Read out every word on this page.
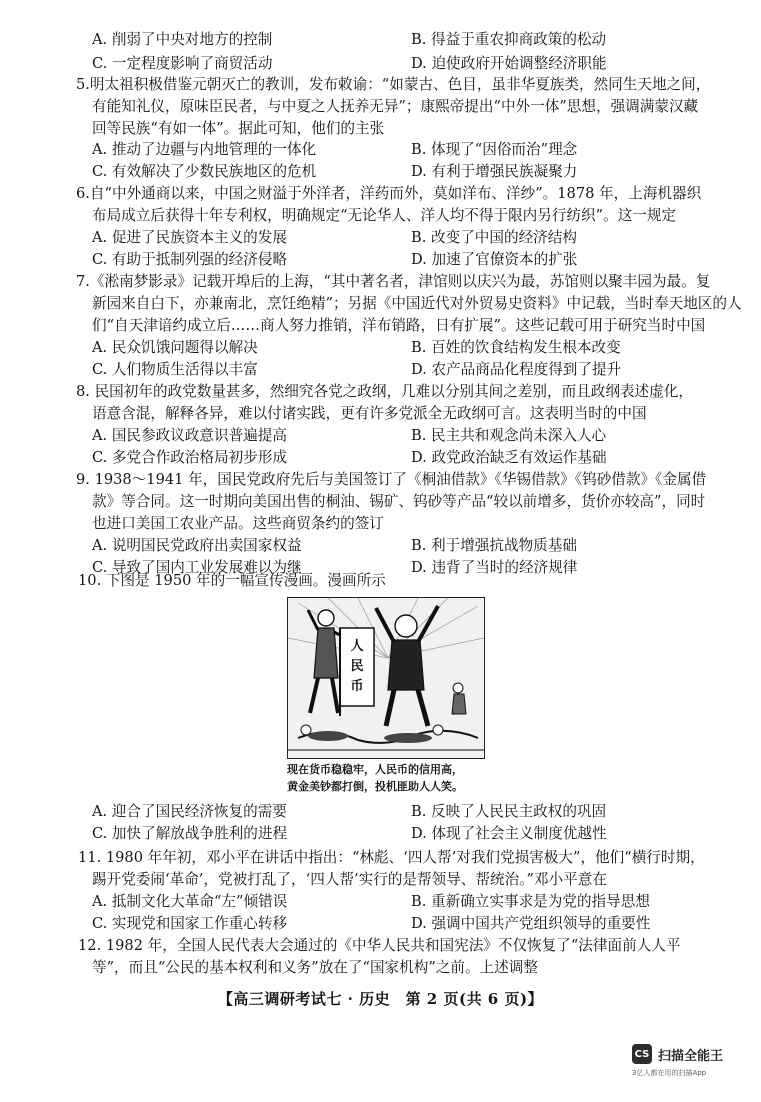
A. 削弱了中央对地方的控制	B. 得益于重农抑商政策的松动
C. 一定程度影响了商贸活动	D. 迫使政府开始调整经济职能
5.明太祖积极借鉴元朝灭亡的教训，发布敕谕：“如蒙古、色目，虽非华夏族类，然同生天地之间，
有能知礼仪，原味臣民者，与中夏之人抚养无异”；康熙帝提出“中外一体”思想，强调满蒙汉藏
回等民族“有如一体”。据此可知，他们的主张
A. 推动了边疆与内地管理的一体化	B. 体现了“因俗而治”理念
C. 有效解决了少数民族地区的危机	D. 有利于增强民族凝聚力
6.自“中外通商以来，中国之财溢于外洋者，洋药而外，莫如洋布、洋纱”。1878 年，上海机器织
布局成立后获得十年专利权，明确规定“无论华人、洋人均不得于限内另行纺织”。这一规定
A. 促进了民族资本主义的发展	B. 改变了中国的经济结构
C. 有助于抵制列强的经济侵略	D. 加速了官僚资本的扩张
7.《淞南梦影录》记载开埠后的上海，“其中著名者，津馆则以庆兴为最，苏馆则以聚丰园为最。复
新园来自白下，亦兼南北，烹饪绝精”；另据《中国近代对外贸易史资料》中记载，当时奉天地区的人
们“自天津谙约成立后……商人努力推销，洋布销路，日有扩展”。这些记载可用于研究当时中国
A. 民众饥饿问题得以解决	B. 百姓的饮食结构发生根本改变
C. 人们物质生活得以丰富	D. 农产品商品化程度得到了提升
8. 民国初年的政党数量甚多，然细究各党之政纲，几难以分别其间之差别，而且政纲表述虚化，
语意含混，解释各异，难以付诸实践，更有许多党派全无政纲可言。这表明当时的中国
A. 国民参政议政意识普遍提高	B. 民主共和观念尚未深入人心
C. 多党合作政治格局初步形成	D. 政党政治缺乏有效运作基础
9. 1938～1941 年，国民党政府先后与美国签订了《桐油借款》《华锡借款》《钨砂借款》《金属借
款》等合同。这一时期向美国出售的桐油、锡矿、钨砂等产品“较以前增多，货价亦较高”，同时
也进口美国工农业产品。这些商贸条约的签订
A. 说明国民党政府出卖国家权益	B. 利于增强抗战物质基础
C. 导致了国内工业发展难以为继	D. 违背了当时的经济规律
10. 下图是 1950 年的一幅宣传漫画。漫画所示
人
民
币
现在货币稳稳牢，人民币的信用高，
黄金美钞都打倒，投机匪助人人笑。
A. 迎合了国民经济恢复的需要	B. 反映了人民民主政权的巩固
C. 加快了解放战争胜利的进程	D. 体现了社会主义制度优越性
11. 1980 年年初，邓小平在讲话中指出：“林彪、‘四人帮’对我们党损害极大”，他们“横行时期，
踢开党委闹‘革命’，党被打乱了，‘四人帮’实行的是帮领导、帮统治。”邓小平意在
A. 抵制文化大革命“左”倾错误	B. 重新确立实事求是为党的指导思想
C. 实现党和国家工作重心转移	D. 强调中国共产党组织领导的重要性
12. 1982 年，全国人民代表大会通过的《中华人民共和国宪法》不仅恢复了“法律面前人人平
等”，而且“公民的基本权利和义务”放在了“国家机构”之前。上述调整
【高三调研考试七 · 历史　第 2 页(共 6 页)】
CS 扫描全能王
3亿人都在用的扫描App
